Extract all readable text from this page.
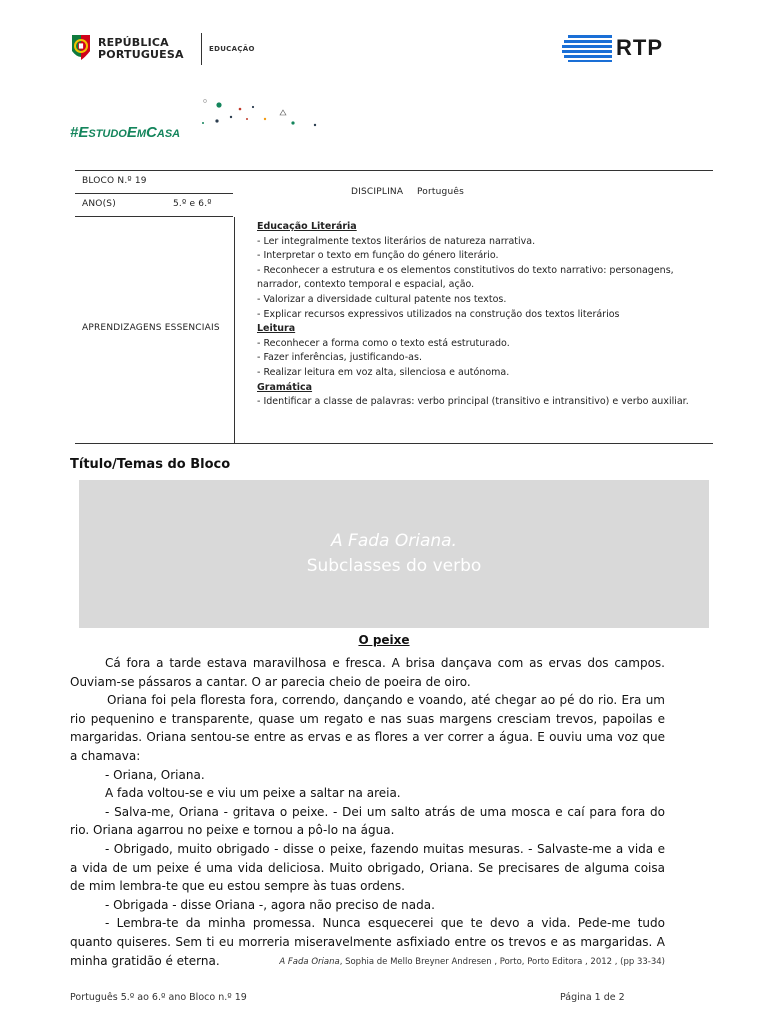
REPÚBLICA
PORTUGUESA	EDUCAÇÃO	RTP
#ESTUDOEMCASA
BLOCO N.º 19
ANO(S)	5.º e 6.º
DISCIPLINA Português
APRENDIZAGENS ESSENCIAIS
Educação Literária
- Ler integralmente textos literários de natureza narrativa.
- Interpretar o texto em função do género literário.
- Reconhecer a estrutura e os elementos constitutivos do texto narrativo: personagens, narrador, contexto temporal e espacial, ação.
- Valorizar a diversidade cultural patente nos textos.
- Explicar recursos expressivos utilizados na construção dos textos literários
Leitura
- Reconhecer a forma como o texto está estruturado.
- Fazer inferências, justificando-as.
- Realizar leitura em voz alta, silenciosa e autónoma.
Gramática
- Identificar a classe de palavras: verbo principal (transitivo e intransitivo) e verbo auxiliar.
Título/Temas do Bloco
A Fada Oriana.
Subclasses do verbo
O peixe

Cá fora a tarde estava maravilhosa e fresca. A brisa dançava com as ervas dos campos. Ouviam-se pássaros a cantar. O ar parecia cheio de poeira de oiro.

Oriana foi pela floresta fora, correndo, dançando e voando, até chegar ao pé do rio. Era um rio pequenino e transparente, quase um regato e nas suas margens cresciam trevos, papoilas e margaridas. Oriana sentou-se entre as ervas e as flores a ver correr a água. E ouviu uma voz que a chamava:

- Oriana, Oriana.

A fada voltou-se e viu um peixe a saltar na areia.

- Salva-me, Oriana - gritava o peixe. - Dei um salto atrás de uma mosca e caí para fora do rio. Oriana agarrou no peixe e tornou a pô-lo na água.

- Obrigado, muito obrigado - disse o peixe, fazendo muitas mesuras. - Salvaste-me a vida e a vida de um peixe é uma vida deliciosa. Muito obrigado, Oriana. Se precisares de alguma coisa de mim lembra-te que eu estou sempre às tuas ordens.

- Obrigada - disse Oriana -, agora não preciso de nada.

- Lembra-te da minha promessa. Nunca esquecerei que te devo a vida. Pede-me tudo quanto quiseres. Sem ti eu morreria miseravelmente asfixiado entre os trevos e as margaridas. A minha gratidão é eterna.	A Fada Oriana, Sophia de Mello Breyner Andresen , Porto, Porto Editora , 2012 , (pp 33-34)
Português 5.º ao 6.º ano Bloco n.º 19	Página 1 de 2
